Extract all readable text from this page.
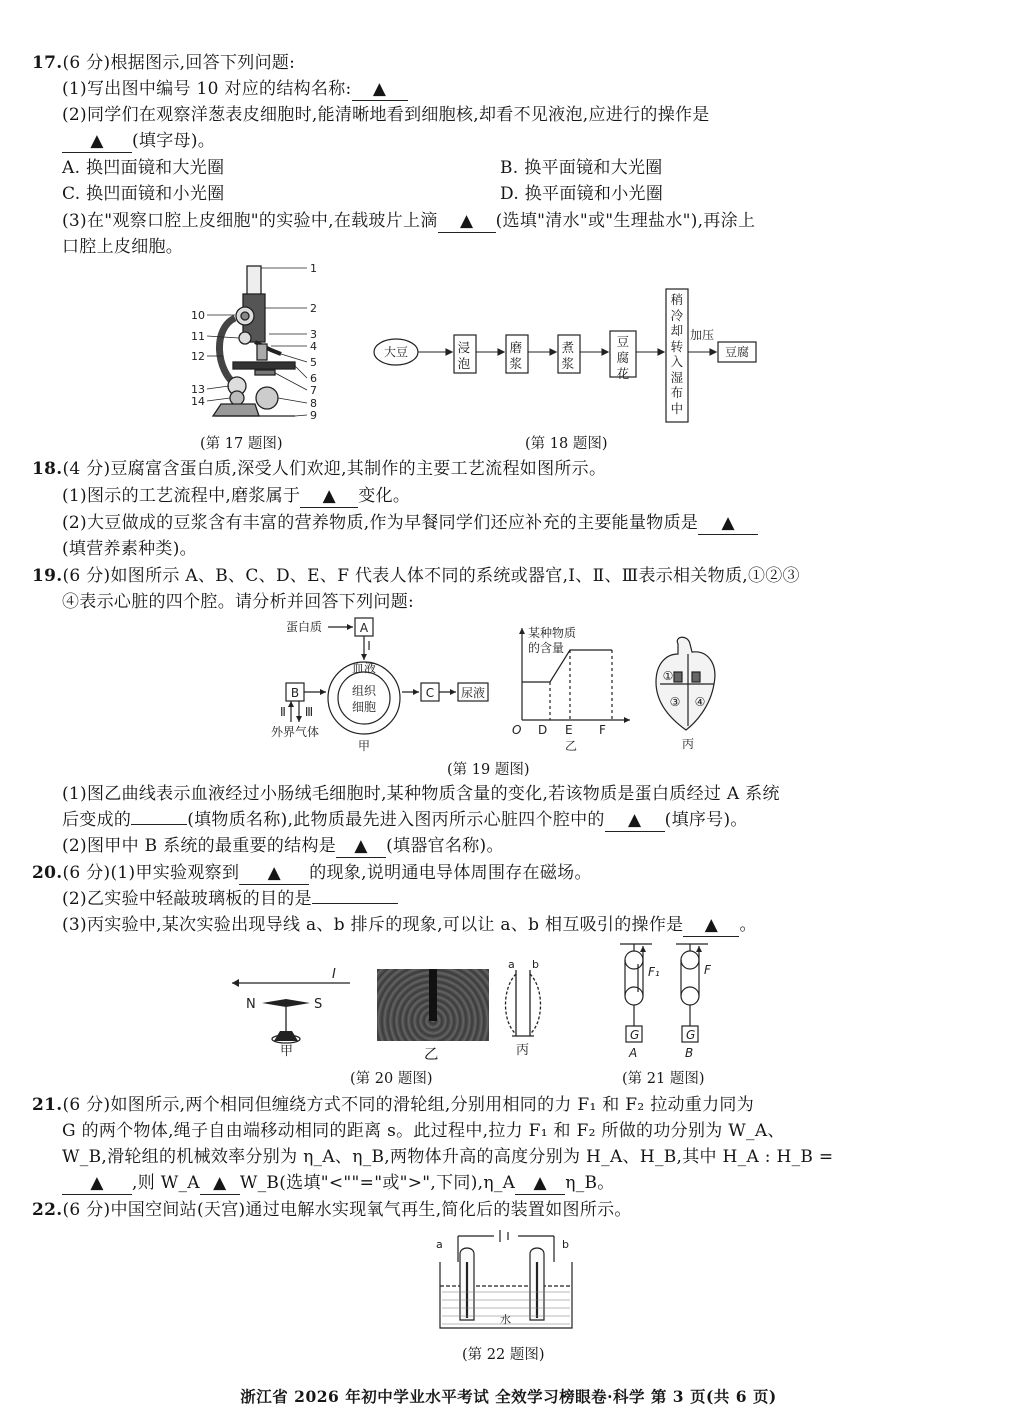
17.(6 分)根据图示,回答下列问题:
(1)写出图中编号 10 对应的结构名称: ▲
(2)同学们在观察洋葱表皮细胞时,能清晰地看到细胞核,却看不见液泡,应进行的操作是
▲ (填字母)。
A. 换凹面镜和大光圈	B. 换平面镜和大光圈
C. 换凹面镜和小光圈	D. 换平面镜和小光圈
(3)在"观察口腔上皮细胞"的实验中,在载玻片上滴 ▲ (选填"清水"或"生理盐水"),再涂上
口腔上皮细胞。
1
2
3
4
5
6
7
8
9
10
11
12
13
14
(第 17 题图)
大豆
加压
豆腐
浸泡
磨浆
煮浆
豆腐花
稍冷却转入湿布中
(第 18 题图)
18.(4 分)豆腐富含蛋白质,深受人们欢迎,其制作的主要工艺流程如图所示。
(1)图示的工艺流程中,磨浆属于 ▲ 变化。
(2)大豆做成的豆浆含有丰富的营养物质,作为早餐同学们还应补充的主要能量物质是 ▲
(填营养素种类)。
19.(6 分)如图所示 A、B、C、D、E、F 代表人体不同的系统或器官,Ⅰ、Ⅱ、Ⅲ表示相关物质,①②③
④表示心脏的四个腔。请分析并回答下列问题:
蛋白质	A
Ⅰ
血液
组织
细胞
B	C 尿液
Ⅱ Ⅲ
外界气体
甲
某种物质
的含量
O D E F
乙
①
③ ④
丙
(第 19 题图)
(1)图乙曲线表示血液经过小肠绒毛细胞时,某种物质含量的变化,若该物质是蛋白质经过 A 系统
后变成的	(填物质名称),此物质最先进入图丙所示心脏四个腔中的 ▲ (填序号)。
(2)图甲中 B 系统的最重要的结构是 ▲ (填器官名称)。
20.(6 分)(1)甲实验观察到 ▲ 的现象,说明通电导体周围存在磁场。
(2)乙实验中轻敲玻璃板的目的是
(3)丙实验中,某次实验出现导线 a、b 排斥的现象,可以让 a、b 相互吸引的操作是 ▲ 。
I
N	S
甲	乙
a b
丙
(第 20 题图)
F₁	F
G	G
A	B
(第 21 题图)
21.(6 分)如图所示,两个相同但缠绕方式不同的滑轮组,分别用相同的力 F₁ 和 F₂ 拉动重力同为
G 的两个物体,绳子自由端移动相同的距离 s。此过程中,拉力 F₁ 和 F₂ 所做的功分别为 W_A、
W_B,滑轮组的机械效率分别为 η_A、η_B,两物体升高的高度分别为 H_A、H_B,其中 H_A : H_B =
▲ ,则 W_A ▲ W_B(选填"<""="或">",下同),η_A ▲ η_B。
22.(6 分)中国空间站(天宫)通过电解水实现氧气再生,简化后的装置如图所示。
a	b
水
(第 22 题图)
浙江省 2026 年初中学业水平考试 全效学习榜眼卷·科学 第 3 页(共 6 页)
